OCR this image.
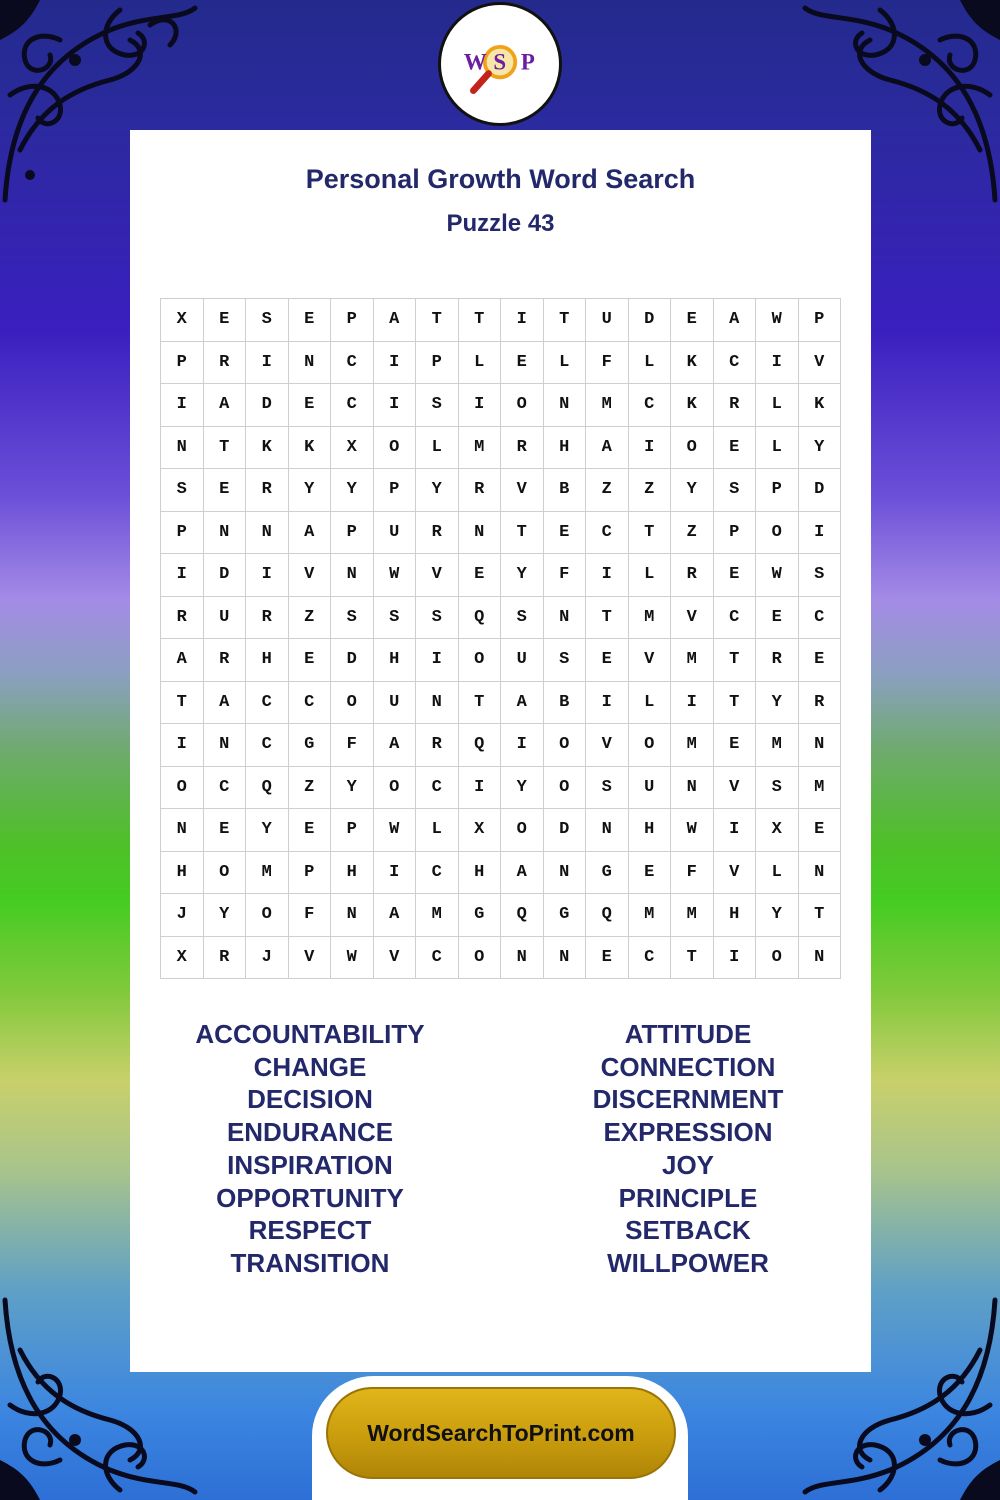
W S P
Personal Growth Word Search
Puzzle 43
X	E	S	E	P	A	T	T	I	T	U	D	E	A	W	P
P	R	I	N	C	I	P	L	E	L	F	L	K	C	I	V
I	A	D	E	C	I	S	I	O	N	M	C	K	R	L	K
N	T	K	K	X	O	L	M	R	H	A	I	O	E	L	Y
S	E	R	Y	Y	P	Y	R	V	B	Z	Z	Y	S	P	D
P	N	N	A	P	U	R	N	T	E	C	T	Z	P	O	I
I	D	I	V	N	W	V	E	Y	F	I	L	R	E	W	S
R	U	R	Z	S	S	S	Q	S	N	T	M	V	C	E	C
A	R	H	E	D	H	I	O	U	S	E	V	M	T	R	E
T	A	C	C	O	U	N	T	A	B	I	L	I	T	Y	R
I	N	C	G	F	A	R	Q	I	O	V	O	M	E	M	N
O	C	Q	Z	Y	O	C	I	Y	O	S	U	N	V	S	M
N	E	Y	E	P	W	L	X	O	D	N	H	W	I	X	E
H	O	M	P	H	I	C	H	A	N	G	E	F	V	L	N
J	Y	O	F	N	A	M	G	Q	G	Q	M	M	H	Y	T
X	R	J	V	W	V	C	O	N	N	E	C	T	I	O	N
ACCOUNTABILITY
CHANGE
DECISION
ENDURANCE
INSPIRATION
OPPORTUNITY
RESPECT
TRANSITION
ATTITUDE
CONNECTION
DISCERNMENT
EXPRESSION
JOY
PRINCIPLE
SETBACK
WILLPOWER
WordSearchToPrint.com
